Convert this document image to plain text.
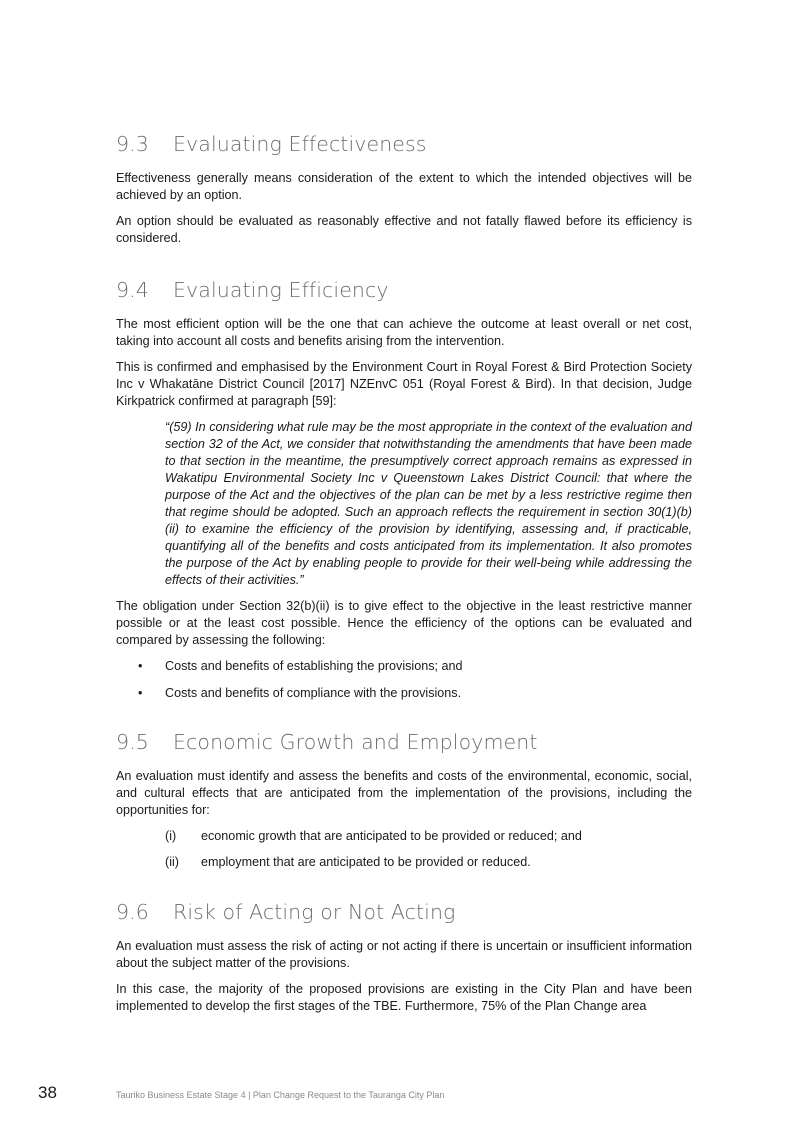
9.3	Evaluating Effectiveness

Effectiveness generally means consideration of the extent to which the intended objectives will be achieved by an option.

An option should be evaluated as reasonably effective and not fatally flawed before its efficiency is considered.

9.4	Evaluating Efficiency

The most efficient option will be the one that can achieve the outcome at least overall or net cost, taking into account all costs and benefits arising from the intervention.

This is confirmed and emphasised by the Environment Court in Royal Forest & Bird Protection Society Inc v Whakatāne District Council [2017] NZEnvC 051 (Royal Forest & Bird). In that decision, Judge Kirkpatrick confirmed at paragraph [59]:

“(59) In considering what rule may be the most appropriate in the context of the evaluation and section 32 of the Act, we consider that notwithstanding the amendments that have been made to that section in the meantime, the presumptively correct approach remains as expressed in Wakatipu Environmental Society Inc v Queenstown Lakes District Council: that where the purpose of the Act and the objectives of the plan can be met by a less restrictive regime then that regime should be adopted. Such an approach reflects the requirement in section 30(1)(b)(ii) to examine the efficiency of the provision by identifying, assessing and, if practicable, quantifying all of the benefits and costs anticipated from its implementation. It also promotes the purpose of the Act by enabling people to provide for their well-being while addressing the effects of their activities.”

The obligation under Section 32(b)(ii) is to give effect to the objective in the least restrictive manner possible or at the least cost possible. Hence the efficiency of the options can be evaluated and compared by assessing the following:

•	Costs and benefits of establishing the provisions; and
•	Costs and benefits of compliance with the provisions.
9.5	Economic Growth and Employment

An evaluation must identify and assess the benefits and costs of the environmental, economic, social, and cultural effects that are anticipated from the implementation of the provisions, including the opportunities for:

(i)	economic growth that are anticipated to be provided or reduced; and
(ii)	employment that are anticipated to be provided or reduced.
9.6	Risk of Acting or Not Acting

An evaluation must assess the risk of acting or not acting if there is uncertain or insufficient information about the subject matter of the provisions.

In this case, the majority of the proposed provisions are existing in the City Plan and have been implemented to develop the first stages of the TBE. Furthermore, 75% of the Plan Change area

38	Tauriko Business Estate Stage 4 | Plan Change Request to the Tauranga City Plan
